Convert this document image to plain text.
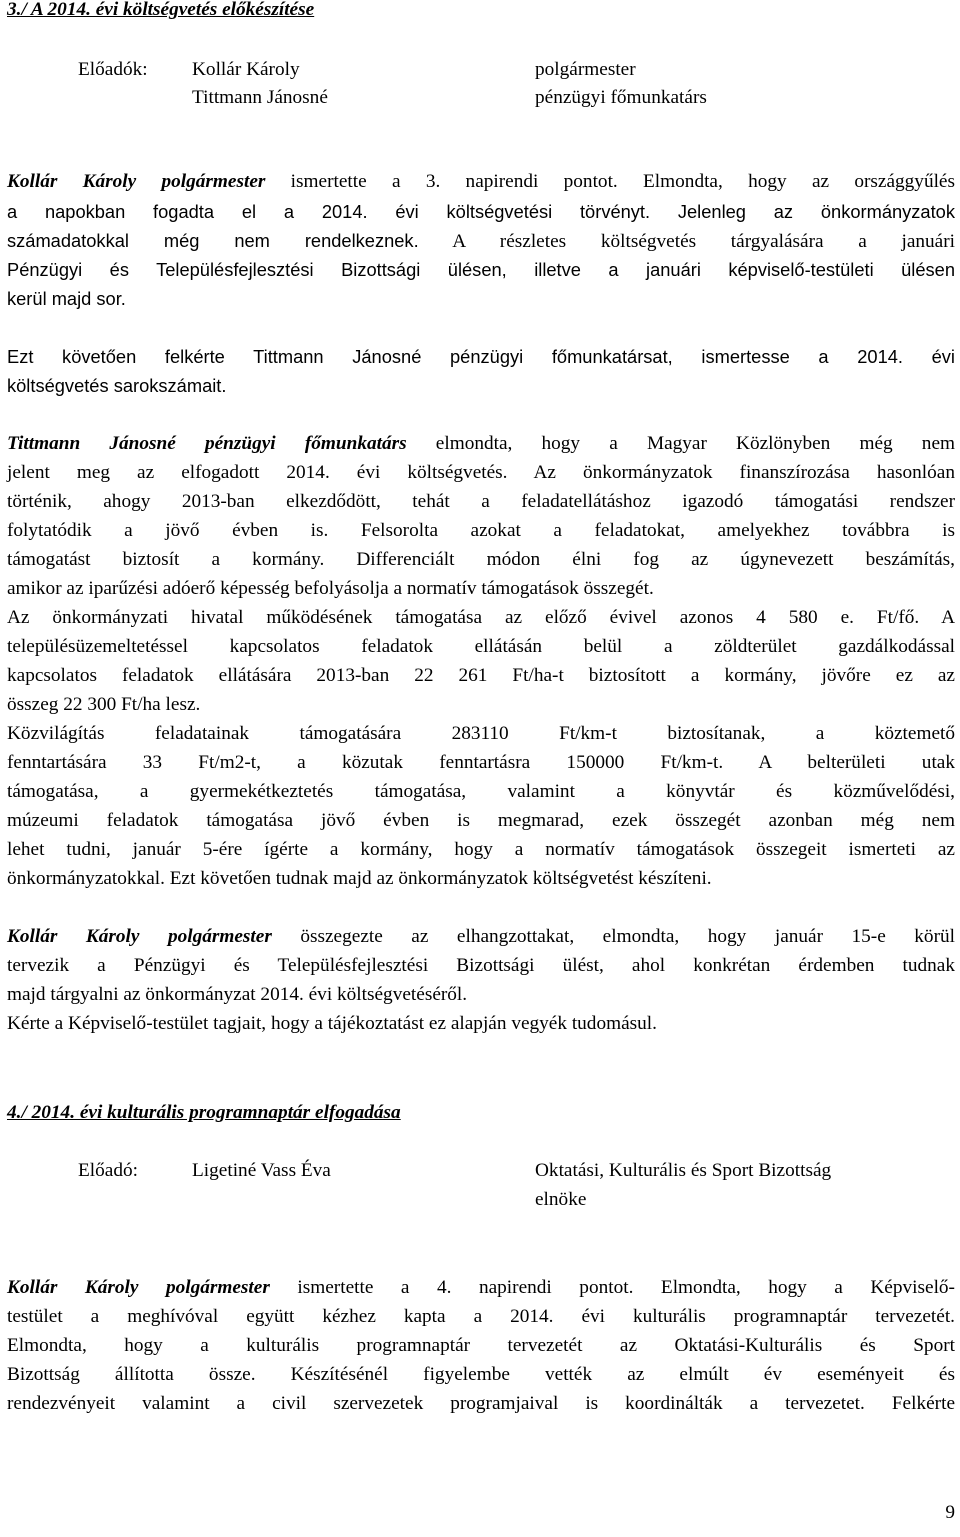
3./ A 2014. évi költségvetés előkészítése
Előadók: Kollár Károly	polgármester
Tittmann Jánosné	pénzügyi főmunkatárs
Kollár Károly polgármester ismertette a 3. napirendi pontot. Elmondta, hogy az országgyűlés
a napokban fogadta el a 2014. évi költségvetési törvényt. Jelenleg az önkormányzatok
számadatokkal még nem rendelkeznek. A részletes költségvetés tárgyalására a januári
Pénzügyi és Településfejlesztési Bizottsági ülésen, illetve a januári képviselő-testületi ülésen
kerül majd sor.
Ezt követően felkérte Tittmann Jánosné pénzügyi főmunkatársat, ismertesse a 2014. évi
költségvetés sarokszámait.
Tittmann Jánosné pénzügyi főmunkatárs elmondta, hogy a Magyar Közlönyben még nem
jelent meg az elfogadott 2014. évi költségvetés. Az önkormányzatok finanszírozása hasonlóan
történik, ahogy 2013-ban elkezdődött, tehát a feladatellátáshoz igazodó támogatási rendszer
folytatódik a jövő évben is. Felsorolta azokat a feladatokat, amelyekhez továbbra is
támogatást biztosít a kormány. Differenciált módon élni fog az úgynevezett beszámítás,
amikor az iparűzési adóerő képesség befolyásolja a normatív támogatások összegét.
Az önkormányzati hivatal működésének támogatása az előző évivel azonos 4 580 e. Ft/fő. A
településüzemeltetéssel kapcsolatos feladatok ellátásán belül a zöldterület gazdálkodással
kapcsolatos feladatok ellátására 2013-ban 22 261 Ft/ha-t biztosított a kormány, jövőre ez az
összeg 22 300 Ft/ha lesz.
Közvilágítás feladatainak támogatására 283110 Ft/km-t biztosítanak, a köztemető
fenntartására 33 Ft/m2-t, a közutak fenntartásra 150000 Ft/km-t. A belterületi utak
támogatása, a gyermekétkeztetés támogatása, valamint a könyvtár és közművelődési,
múzeumi feladatok támogatása jövő évben is megmarad, ezek összegét azonban még nem
lehet tudni, január 5-ére ígérte a kormány, hogy a normatív támogatások összegeit ismerteti az
önkormányzatokkal. Ezt követően tudnak majd az önkormányzatok költségvetést készíteni.
Kollár Károly polgármester összegezte az elhangzottakat, elmondta, hogy január 15-e körül
tervezik a Pénzügyi és Településfejlesztési Bizottsági ülést, ahol konkrétan érdemben tudnak
majd tárgyalni az önkormányzat 2014. évi költségvetéséről.
Kérte a Képviselő-testület tagjait, hogy a tájékoztatást ez alapján vegyék tudomásul.
4./ 2014. évi kulturális programnaptár elfogadása
Előadó:	Ligetiné Vass Éva	Oktatási, Kulturális és Sport Bizottság
elnöke
Kollár Károly polgármester ismertette a 4. napirendi pontot. Elmondta, hogy a Képviselő-
testület a meghívóval együtt kézhez kapta a 2014. évi kulturális programnaptár tervezetét.
Elmondta, hogy a kulturális programnaptár tervezetét az Oktatási-Kulturális és Sport
Bizottság állította össze. Készítésénél figyelembe vették az elmúlt év eseményeit és
rendezvényeit valamint a civil szervezetek programjaival is koordinálták a tervezetet. Felkérte
9
